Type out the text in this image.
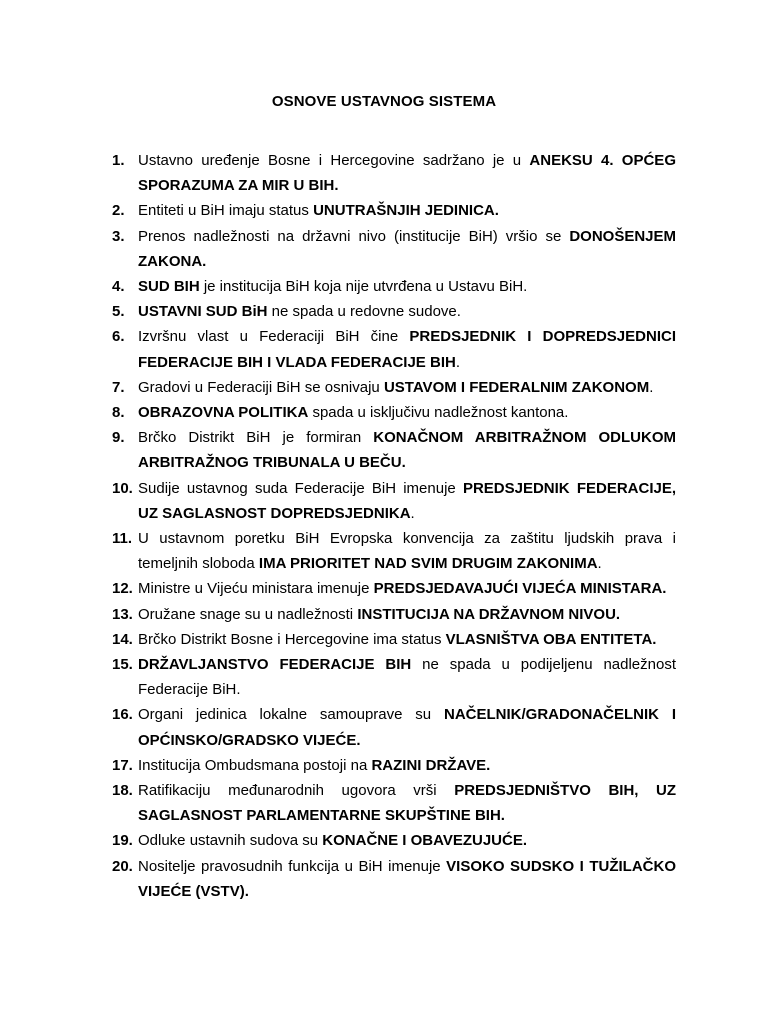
OSNOVE USTAVNOG SISTEMA
1. Ustavno uređenje Bosne i Hercegovine sadržano je u ANEKSU 4. OPĆEG SPORAZUMA ZA MIR U BIH.
2. Entiteti u BiH imaju status UNUTRAŠNJIH JEDINICA.
3. Prenos nadležnosti na državni nivo (institucije BiH) vršio se DONOŠENJEM ZAKONA.
4. SUD BIH je institucija BiH koja nije utvrđena u Ustavu BiH.
5. USTAVNI SUD BiH ne spada u redovne sudove.
6. Izvršnu vlast u Federaciji BiH čine PREDSJEDNIK I DOPREDSJEDNICI FEDERACIJE BIH I VLADA FEDERACIJE BIH.
7. Gradovi u Federaciji BiH se osnivaju USTAVOM I FEDERALNIM ZAKONOM.
8. OBRAZOVNA POLITIKA spada u isključivu nadležnost kantona.
9. Brčko Distrikt BiH je formiran KONAČNOM ARBITRAŽNOM ODLUKOM ARBITRAŽNOG TRIBUNALA U BEČU.
10. Sudije ustavnog suda Federacije BiH imenuje PREDSJEDNIK FEDERACIJE, UZ SAGLASNOST DOPREDSJEDNIKA.
11. U ustavnom poretku BiH Evropska konvencija za zaštitu ljudskih prava i temeljnih sloboda IMA PRIORITET NAD SVIM DRUGIM ZAKONIMA.
12. Ministre u Vijeću ministara imenuje PREDSJEDAVAJUĆI VIJEĆA MINISTARA.
13. Oružane snage su u nadležnosti INSTITUCIJA NA DRŽAVNOM NIVOU.
14. Brčko Distrikt Bosne i Hercegovine ima status VLASNIŠTVA OBA ENTITETA.
15. DRŽAVLJANSTVO FEDERACIJE BIH ne spada u podijeljenu nadležnost Federacije BiH.
16. Organi jedinica lokalne samouprave su NAČELNIK/GRADONAČELNIK I OPĆINSKO/GRADSKO VIJEĆE.
17. Institucija Ombudsmana postoji na RAZINI DRŽAVE.
18. Ratifikaciju međunarodnih ugovora vrši PREDSJEDNIŠTVO BIH, UZ SAGLASNOST PARLAMENTARNE SKUPŠTINE BIH.
19. Odluke ustavnih sudova su KONAČNE I OBAVEZUJUĆE.
20. Nositelje pravosudnih funkcija u BiH imenuje VISOKO SUDSKO I TUŽILAČKO VIJEĆE (VSTV).
